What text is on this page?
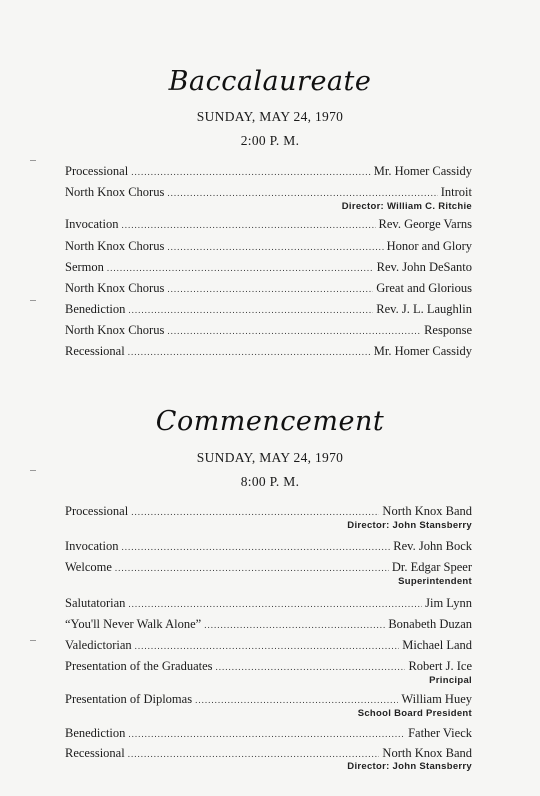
Baccalaureate
SUNDAY, MAY 24, 1970
2:00 P. M.
Processional .....	Mr. Homer Cassidy
North Knox Chorus .....	Introit
Director: William C. Ritchie
Invocation .....	Rev. George Varns
North Knox Chorus .....	Honor and Glory
Sermon .....	Rev. John DeSanto
North Knox Chorus .....	Great and Glorious
Benediction .....	Rev. J. L. Laughlin
North Knox Chorus .....	Response
Recessional .....	Mr. Homer Cassidy
Commencement
SUNDAY, MAY 24, 1970
8:00 P. M.
Processional .....	North Knox Band
Director: John Stansberry
Invocation .....	Rev. John Bock
Welcome .....	Dr. Edgar Speer
Superintendent
Salutatorian .....	Jim Lynn
“You'll Never Walk Alone” .....	Bonabeth Duzan
Valedictorian .....	Michael Land
Presentation of the Graduates .....	Robert J. Ice
Principal
Presentation of Diplomas .....	William Huey
School Board President
Benediction .....	Father Vieck
Recessional .....	North Knox Band
Director: John Stansberry
